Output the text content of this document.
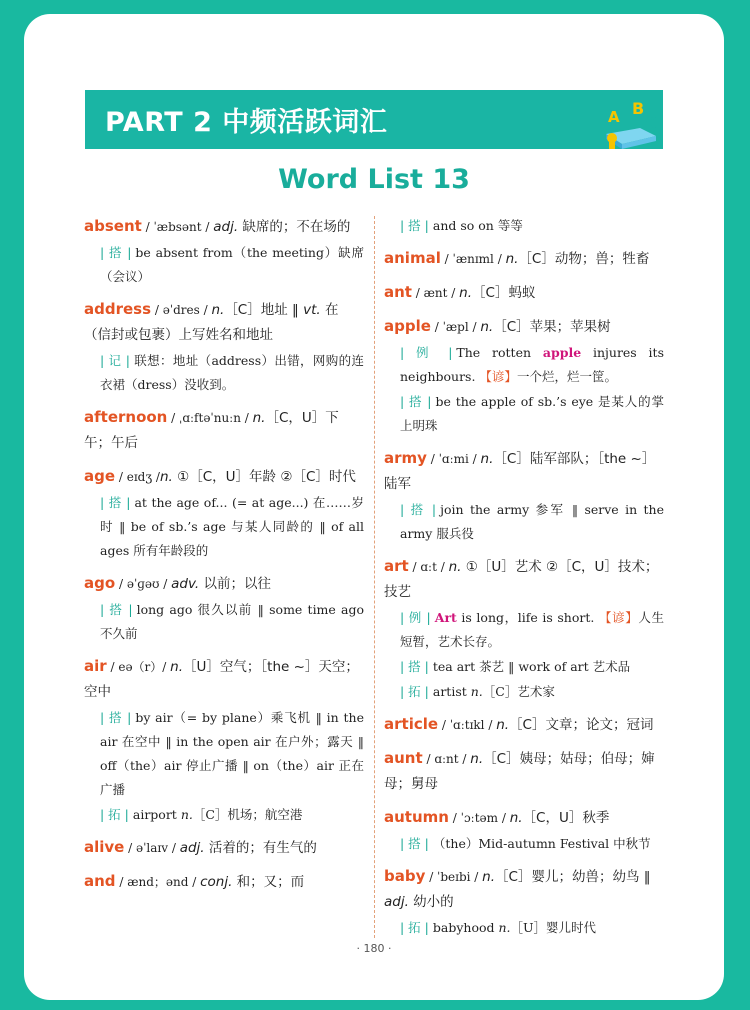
PART 2 中频活跃词汇	A B
C
Word List 13
absent / ˈæbsənt / adj. 缺席的；不在场的
| 搭 | be absent from（the meeting）缺席（会议）
address / əˈdres / n.［C］地址 ‖ vt. 在（信封或包裹）上写姓名和地址
| 记 | 联想：地址（address）出错，网购的连衣裙（dress）没收到。
afternoon / ˌɑːftəˈnuːn / n.［C，U］下午；午后
age / eɪdʒ /n. ①［C，U］年龄 ②［C］时代
| 搭 | at the age of... (= at age...) 在……岁时 ‖ be of sb.’s age 与某人同龄的 ‖ of all ages 所有年龄段的
ago / əˈɡəʊ / adv. 以前；以往
| 搭 | long ago 很久以前 ‖ some time ago 不久前
air / eə（r）/ n.［U］空气；［the ~］天空；空中
| 搭 | by air（= by plane）乘飞机 ‖ in the air 在空中 ‖ in the open air 在户外；露天 ‖ off（the）air 停止广播 ‖ on（the）air 正在广播
| 拓 | airport n.［C］机场；航空港
alive / əˈlaɪv / adj. 活着的；有生气的
and / ænd；ənd / conj. 和；又；而
| 搭 | and so on 等等
animal / ˈænɪml / n.［C］动物；兽；牲畜
ant / ænt / n.［C］蚂蚁
apple / ˈæpl / n.［C］苹果；苹果树
| 例 | The rotten apple injures its neighbours. 【谚】一个烂，烂一筐。
| 搭 | be the apple of sb.’s eye 是某人的掌上明珠
army / ˈɑːmi / n.［C］陆军部队；［the ~］陆军
| 搭 | join the army 参军 ‖ serve in the army 服兵役
art / ɑːt / n. ①［U］艺术 ②［C，U］技术；技艺
| 例 | Art is long，life is short. 【谚】人生短暂，艺术长存。
| 搭 | tea art 茶艺 ‖ work of art 艺术品
| 拓 | artist n.［C］艺术家
article / ˈɑːtɪkl / n.［C］文章；论文；冠词
aunt / ɑːnt / n.［C］姨母；姑母；伯母；婶母；舅母
autumn / ˈɔːtəm / n.［C，U］秋季
| 搭 | （the）Mid-autumn Festival 中秋节
baby / ˈbeɪbi / n.［C］婴儿；幼兽；幼鸟 ‖ adj. 幼小的
| 拓 | babyhood n.［U］婴儿时代
· 180 ·
